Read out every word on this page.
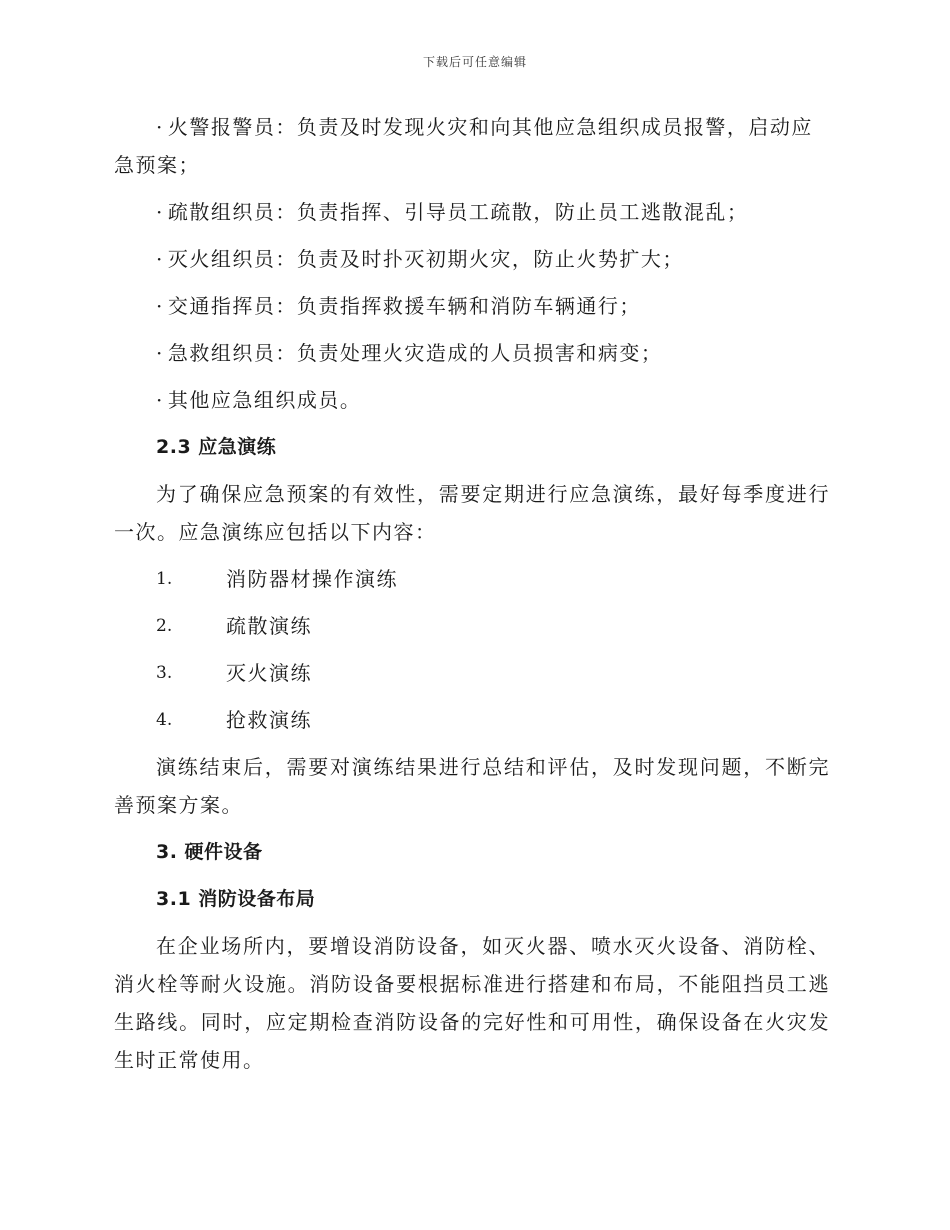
下载后可任意编辑
· 火警报警员：负责及时发现火灾和向其他应急组织成员报警，启动应急预案；
· 疏散组织员：负责指挥、引导员工疏散，防止员工逃散混乱；
· 灭火组织员：负责及时扑灭初期火灾，防止火势扩大；
· 交通指挥员：负责指挥救援车辆和消防车辆通行；
· 急救组织员：负责处理火灾造成的人员损害和病变；
· 其他应急组织成员。
2.3 应急演练
为了确保应急预案的有效性，需要定期进行应急演练，最好每季度进行一次。应急演练应包括以下内容：
1.	消防器材操作演练
2.	疏散演练
3.	灭火演练
4.	抢救演练
演练结束后，需要对演练结果进行总结和评估，及时发现问题，不断完善预案方案。
3. 硬件设备
3.1 消防设备布局
在企业场所内，要增设消防设备，如灭火器、喷水灭火设备、消防栓、消火栓等耐火设施。消防设备要根据标准进行搭建和布局，不能阻挡员工逃生路线。同时，应定期检查消防设备的完好性和可用性，确保设备在火灾发生时正常使用。
